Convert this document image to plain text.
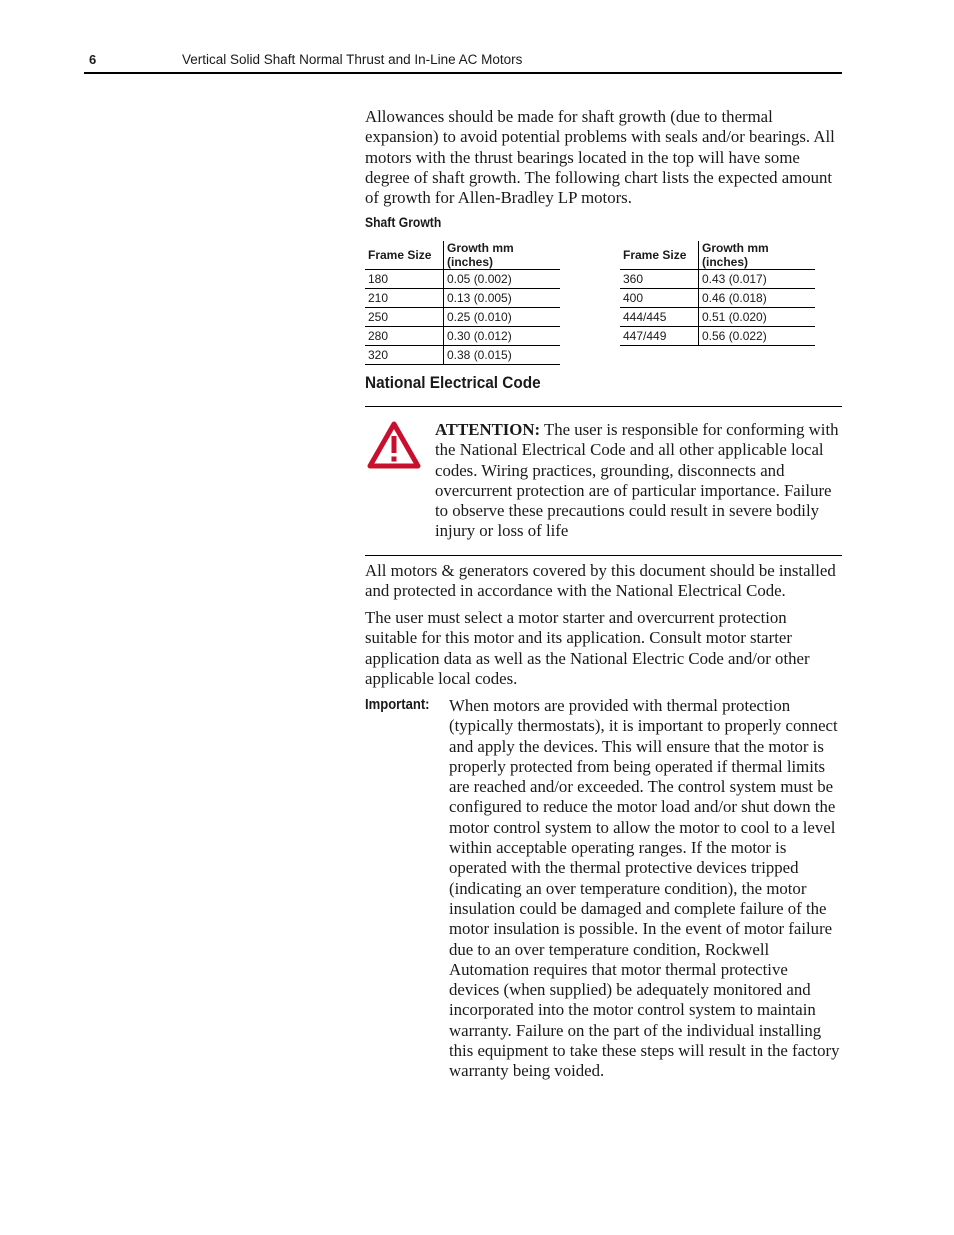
6	Vertical Solid Shaft Normal Thrust and In-Line AC Motors

Allowances should be made for shaft growth (due to thermal expansion) to avoid potential problems with seals and/or bearings. All motors with the thrust bearings located in the top will have some degree of shaft growth. The following chart lists the expected amount of growth for Allen-Bradley LP motors.

Shaft Growth
Frame Size	Growth mm (inches)
180	0.05 (0.002)
210	0.13 (0.005)
250	0.25 (0.010)
280	0.30 (0.012)
320	0.38 (0.015)
Frame Size	Growth mm (inches)
360	0.43 (0.017)
400	0.46 (0.018)
444/445	0.51 (0.020)
447/449	0.56 (0.022)
National Electrical Code

ATTENTION: The user is responsible for conforming with the National Electrical Code and all other applicable local codes. Wiring practices, grounding, disconnects and overcurrent protection are of particular importance. Failure to observe these precautions could result in severe bodily injury or loss of life

All motors & generators covered by this document should be installed and protected in accordance with the National Electrical Code.

The user must select a motor starter and overcurrent protection suitable for this motor and its application. Consult motor starter application data as well as the National Electric Code and/or other applicable local codes.

Important: When motors are provided with thermal protection (typically thermostats), it is important to properly connect and apply the devices. This will ensure that the motor is properly protected from being operated if thermal limits are reached and/or exceeded. The control system must be configured to reduce the motor load and/or shut down the motor control system to allow the motor to cool to a level within acceptable operating ranges. If the motor is operated with the thermal protective devices tripped (indicating an over temperature condition), the motor insulation could be damaged and complete failure of the motor insulation is possible. In the event of motor failure due to an over temperature condition, Rockwell Automation requires that motor thermal protective devices (when supplied) be adequately monitored and incorporated into the motor control system to maintain warranty. Failure on the part of the individual installing this equipment to take these steps will result in the factory warranty being voided.
